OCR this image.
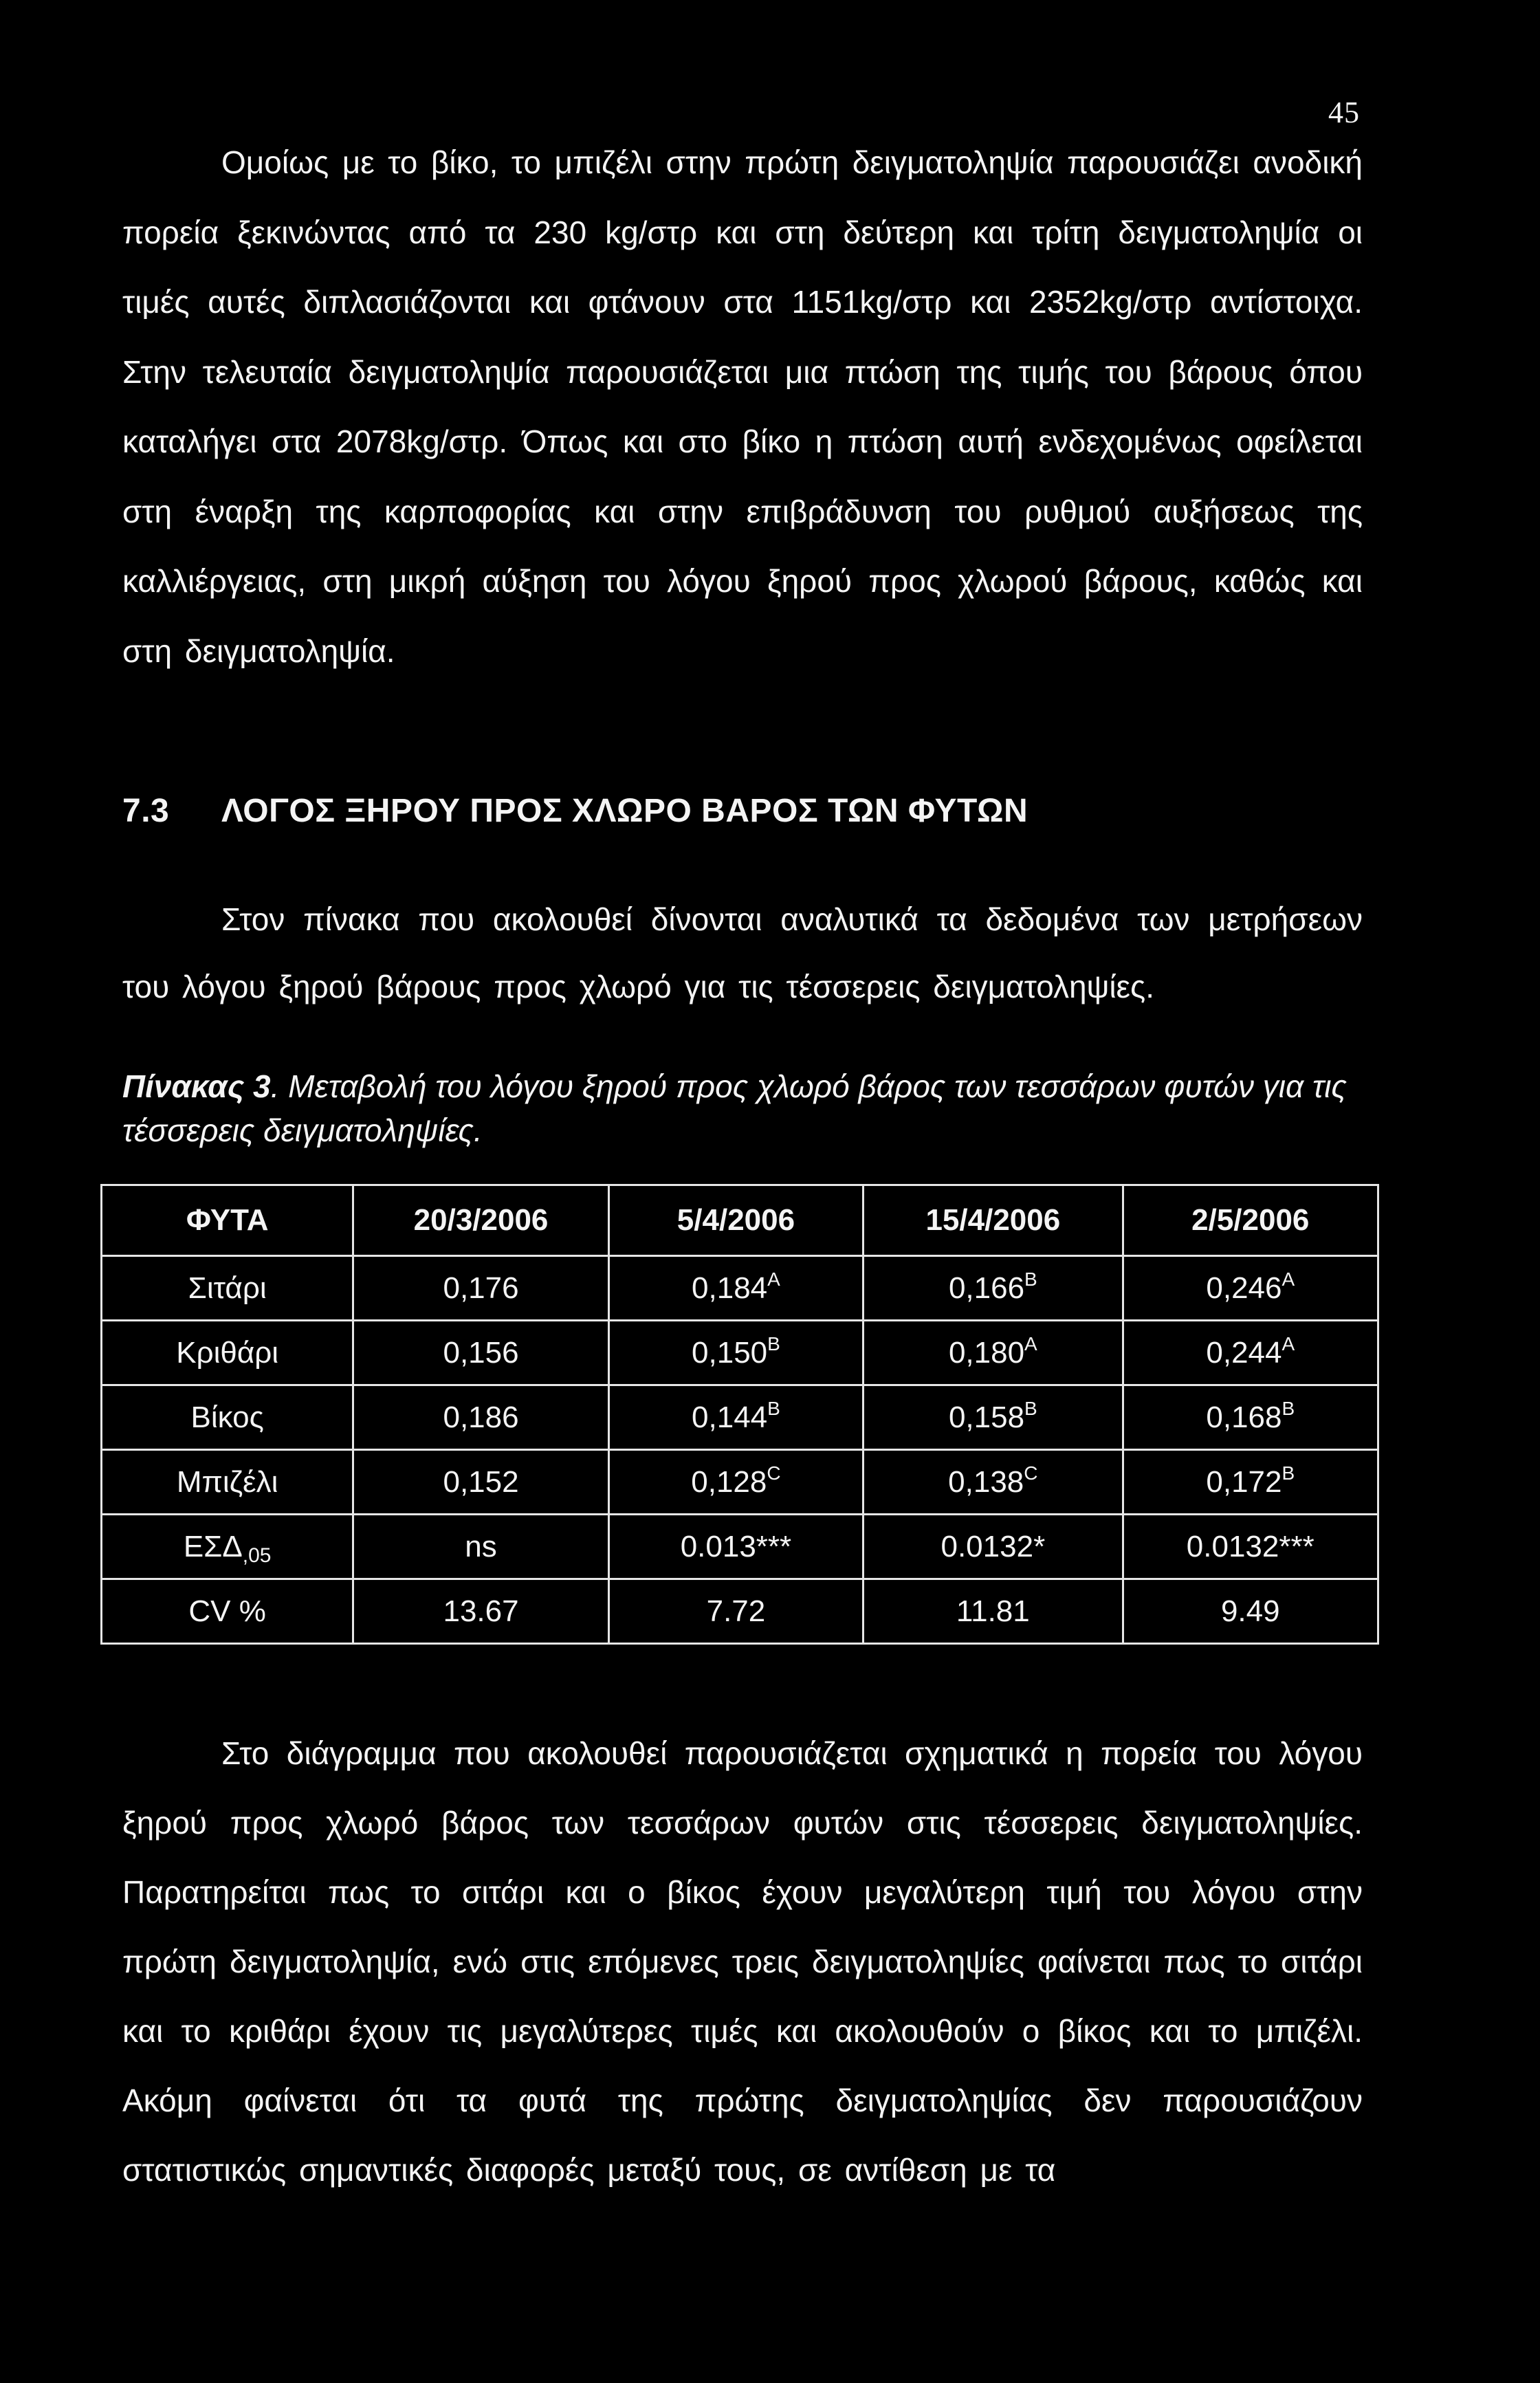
45

Ομοίως με το βίκο, το μπιζέλι στην πρώτη δειγματοληψία παρουσιάζει ανοδική πορεία ξεκινώντας από τα 230 kg/στρ και στη δεύτερη και τρίτη δειγματοληψία οι τιμές αυτές διπλασιάζονται και φτάνουν στα 1151kg/στρ και 2352kg/στρ αντίστοιχα. Στην τελευταία δειγματοληψία παρουσιάζεται μια πτώση της τιμής του βάρους όπου καταλήγει στα 2078kg/στρ. Όπως και στο βίκο η πτώση αυτή ενδεχομένως οφείλεται στη έναρξη της καρποφορίας και στην επιβράδυνση του ρυθμού αυξήσεως της καλλιέργειας, στη μικρή αύξηση του λόγου ξηρού προς χλωρού βάρους, καθώς και στη δειγματοληψία.

7.3 ΛΟΓΟΣ ΞΗΡΟΥ ΠΡΟΣ ΧΛΩΡΟ ΒΑΡΟΣ ΤΩΝ ΦΥΤΩΝ

Στον πίνακα που ακολουθεί δίνονται αναλυτικά τα δεδομένα των μετρήσεων του λόγου ξηρού βάρους προς χλωρό για τις τέσσερεις δειγματοληψίες.

Πίνακας 3. Μεταβολή του λόγου ξηρού προς χλωρό βάρος των τεσσάρων φυτών για τις τέσσερεις δειγματοληψίες.
ΦΥΤΑ	20/3/2006	5/4/2006	15/4/2006	2/5/2006
Σιτάρι	0,176	$0,184^A$	$0,166^B$	$0,246^A$
Κριθάρι	0,156	$0,150^B$	$0,180^A$	$0,244^A$
Βίκος	0,186	$0,144^B$	$0,158^B$	$0,168^B$
Μπιζέλι	0,152	$0,128^C$	$0,138^C$	$0,172^B$
$E\Sigma\Delta_{,05}$	ns	0.013***	0.0132*	0.0132***
CV %	13.67	7.72	11.81	9.49

Στο διάγραμμα που ακολουθεί παρουσιάζεται σχηματικά η πορεία του λόγου ξηρού προς χλωρό βάρος των τεσσάρων φυτών στις τέσσερεις δειγματοληψίες. Παρατηρείται πως το σιτάρι και ο βίκος έχουν μεγαλύτερη τιμή του λόγου στην πρώτη δειγματοληψία, ενώ στις επόμενες τρεις δειγματοληψίες φαίνεται πως το σιτάρι και το κριθάρι έχουν τις μεγαλύτερες τιμές και ακολουθούν ο βίκος και το μπιζέλι. Ακόμη φαίνεται ότι τα φυτά της πρώτης δειγματοληψίας δεν παρουσιάζουν στατιστικώς σημαντικές διαφορές μεταξύ τους, σε αντίθεση με τα
